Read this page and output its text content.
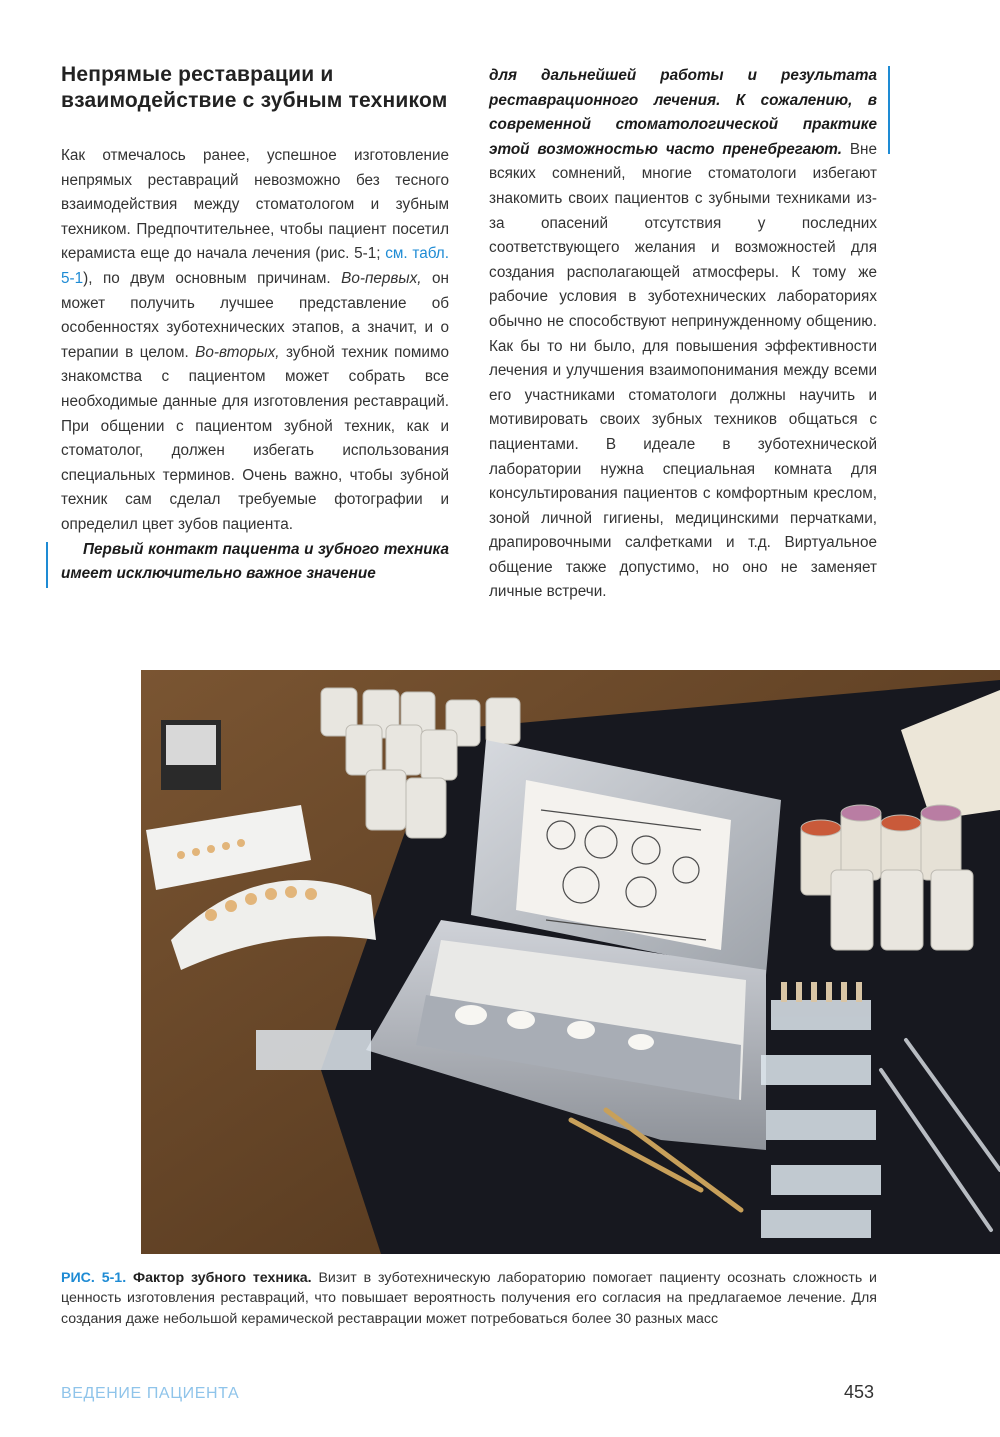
Непрямые реставрации и взаимодействие с зубным техником

Как отмечалось ранее, успешное изготовление непрямых реставраций невозможно без тесного взаимодействия между стоматологом и зубным техником. Предпочтительнее, чтобы пациент посетил керамиста еще до начала лечения (рис. 5-1; см. табл. 5-1), по двум основным причинам. Во-первых, он может получить лучшее представление об особенностях зуботехнических этапов, а значит, и о терапии в целом. Во-вторых, зубной техник помимо знакомства с пациентом может собрать все необходимые данные для изготовления реставраций. При общении с пациентом зубной техник, как и стоматолог, должен избегать использования специальных терминов. Очень важно, чтобы зубной техник сам сделал требуемые фотографии и определил цвет зубов пациента.

Первый контакт пациента и зубного техника имеет исключительно важное значение

для дальнейшей работы и результата реставрационного лечения. К сожалению, в современной стоматологической практике этой возможностью часто пренебрегают. Вне всяких сомнений, многие стоматологи избегают знакомить своих пациентов с зубными техниками из-за опасений отсутствия у последних соответствующего желания и возможностей для создания располагающей атмосферы. К тому же рабочие условия в зуботехнических лабораториях обычно не способствуют непринужденному общению. Как бы то ни было, для повышения эффективности лечения и улучшения взаимопонимания между всеми его участниками стоматологи должны научить и мотивировать своих зубных техников общаться с пациентами. В идеале в зуботехнической лаборатории нужна специальная комната для консультирования пациентов с комфортным креслом, зоной личной гигиены, медицинскими перчатками, драпировочными салфетками и т.д. Виртуальное общение также допустимо, но оно не заменяет личные встречи.

РИС. 5-1. Фактор зубного техника. Визит в зуботехническую лабораторию помогает пациенту осознать сложность и ценность изготовления реставраций, что повышает вероятность получения его согласия на предлагаемое лечение. Для создания даже небольшой керамической реставрации может потребоваться более 30 разных масс

ВЕДЕНИЕ ПАЦИЕНТА	453
